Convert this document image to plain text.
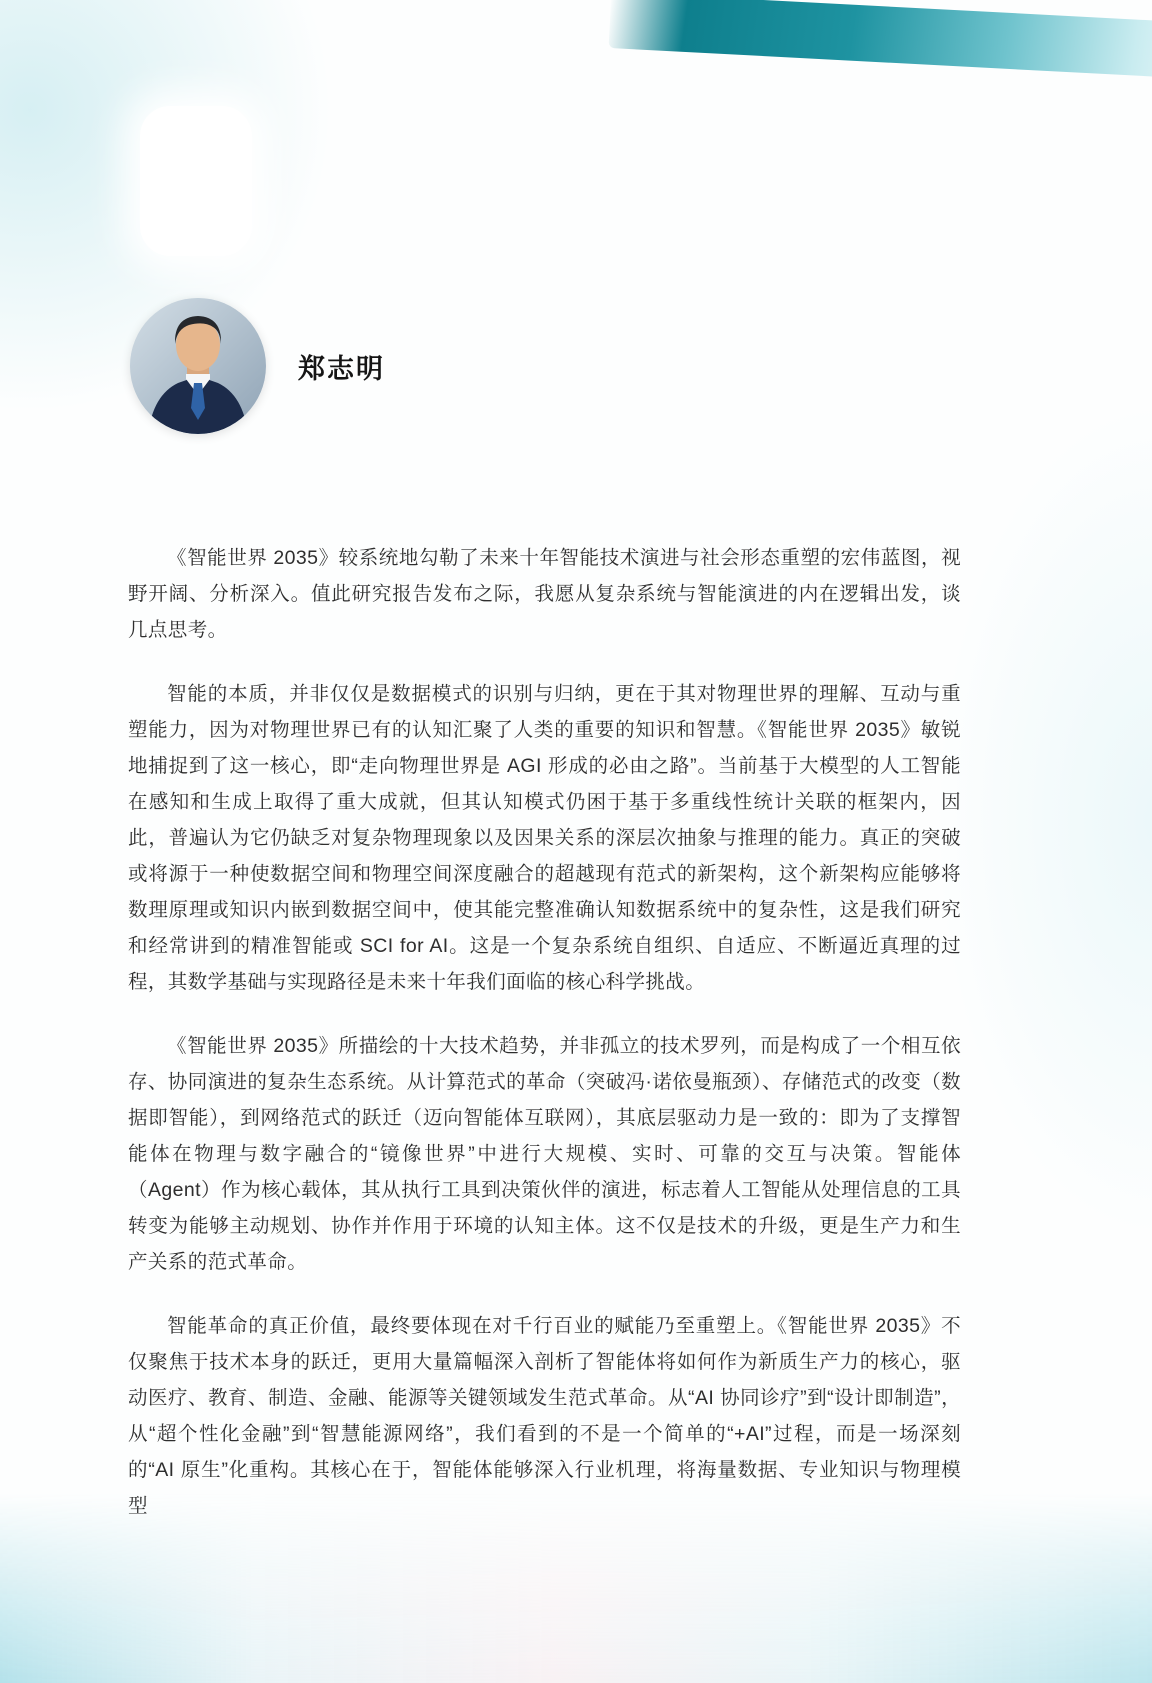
郑志明

《智能世界 2035》较系统地勾勒了未来十年智能技术演进与社会形态重塑的宏伟蓝图，视野开阔、分析深入。值此研究报告发布之际，我愿从复杂系统与智能演进的内在逻辑出发，谈几点思考。

智能的本质，并非仅仅是数据模式的识别与归纳，更在于其对物理世界的理解、互动与重塑能力，因为对物理世界已有的认知汇聚了人类的重要的知识和智慧。《智能世界 2035》敏锐地捕捉到了这一核心，即“走向物理世界是 AGI 形成的必由之路”。当前基于大模型的人工智能在感知和生成上取得了重大成就，但其认知模式仍困于基于多重线性统计关联的框架内，因此，普遍认为它仍缺乏对复杂物理现象以及因果关系的深层次抽象与推理的能力。真正的突破或将源于一种使数据空间和物理空间深度融合的超越现有范式的新架构，这个新架构应能够将数理原理或知识内嵌到数据空间中，使其能完整准确认知数据系统中的复杂性，这是我们研究和经常讲到的精准智能或 SCI for AI。这是一个复杂系统自组织、自适应、不断逼近真理的过程，其数学基础与实现路径是未来十年我们面临的核心科学挑战。

《智能世界 2035》所描绘的十大技术趋势，并非孤立的技术罗列，而是构成了一个相互依存、协同演进的复杂生态系统。从计算范式的革命（突破冯·诺依曼瓶颈）、存储范式的改变（数据即智能），到网络范式的跃迁（迈向智能体互联网），其底层驱动力是一致的：即为了支撑智能体在物理与数字融合的“镜像世界”中进行大规模、实时、可靠的交互与决策。智能体（Agent）作为核心载体，其从执行工具到决策伙伴的演进，标志着人工智能从处理信息的工具转变为能够主动规划、协作并作用于环境的认知主体。这不仅是技术的升级，更是生产力和生产关系的范式革命。

智能革命的真正价值，最终要体现在对千行百业的赋能乃至重塑上。《智能世界 2035》不仅聚焦于技术本身的跃迁，更用大量篇幅深入剖析了智能体将如何作为新质生产力的核心，驱动医疗、教育、制造、金融、能源等关键领域发生范式革命。从“AI 协同诊疗”到“设计即制造”，从“超个性化金融”到“智慧能源网络”，我们看到的不是一个简单的“+AI”过程，而是一场深刻的“AI 原生”化重构。其核心在于，智能体能够深入行业机理，将海量数据、专业知识与物理模型
